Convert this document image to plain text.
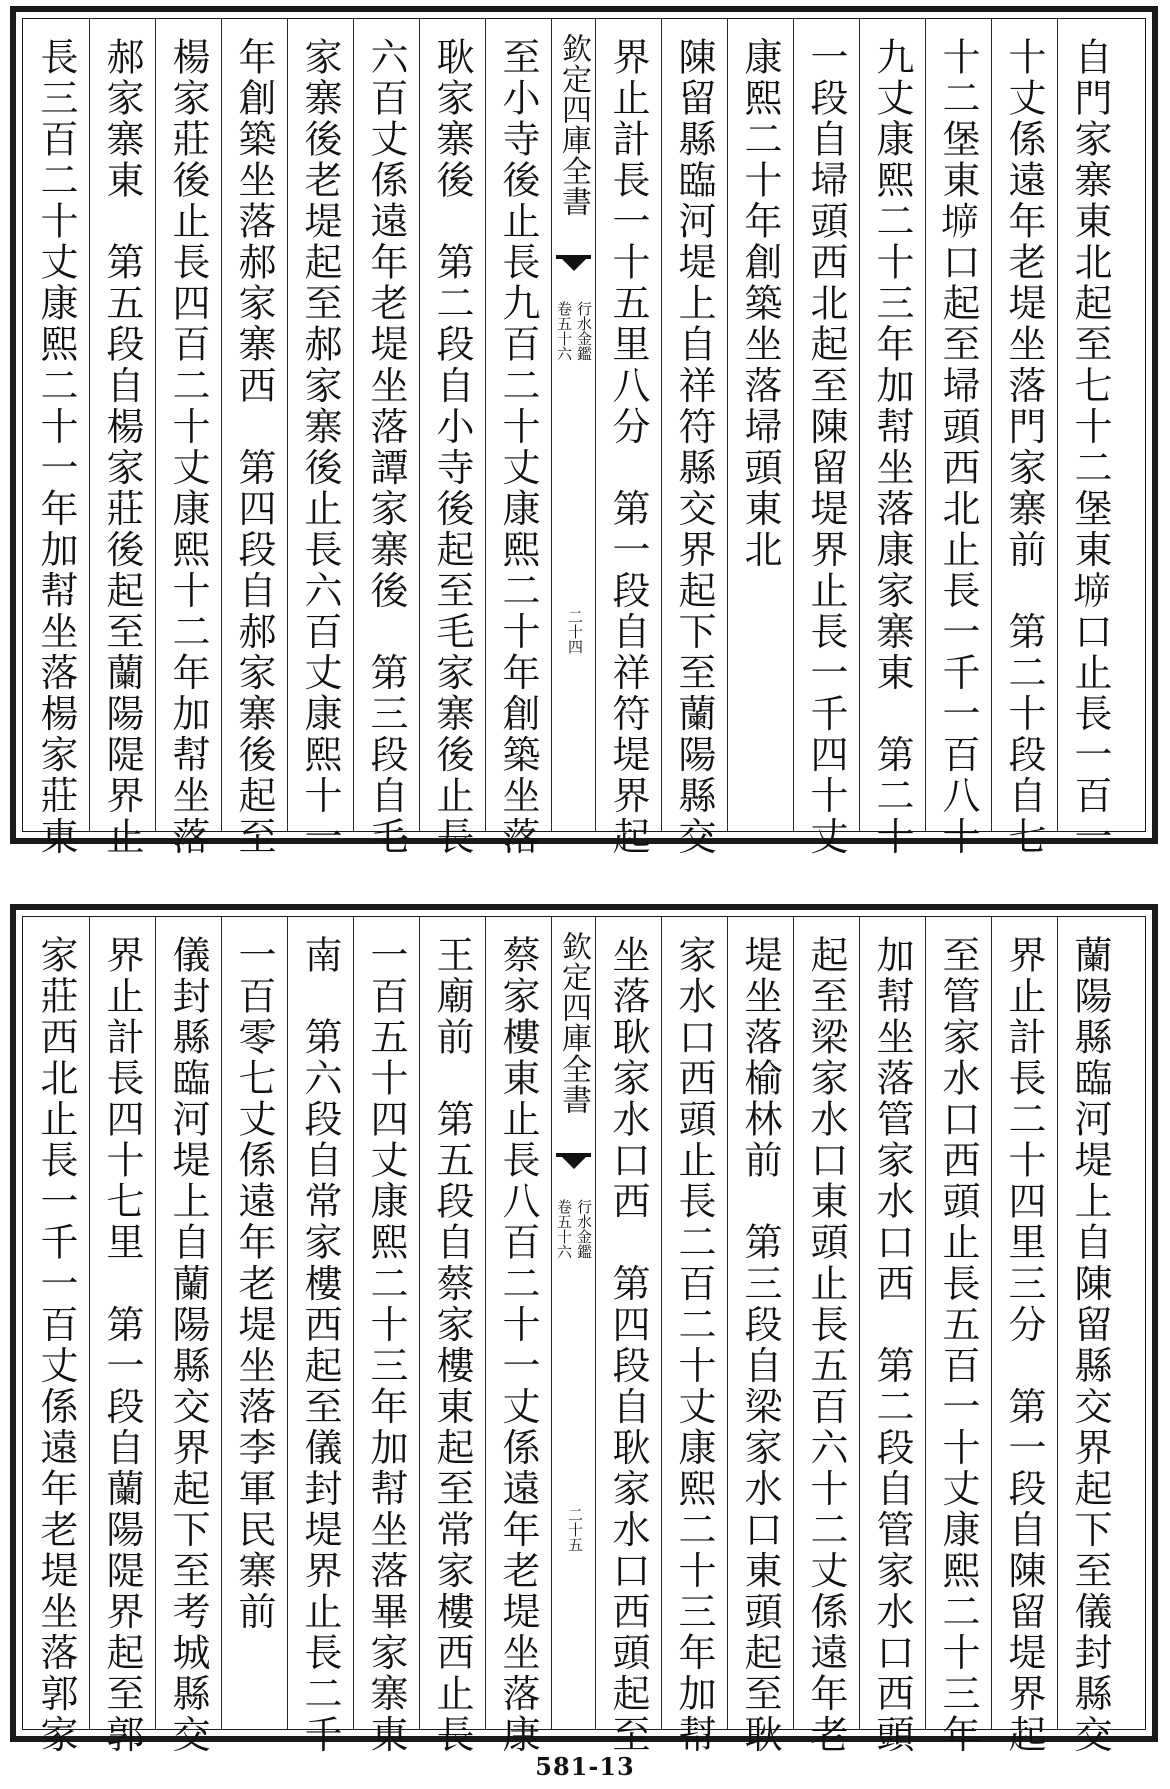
長三百二十丈康熙二十一年加幇坐落楊家莊東 郝家寨東　第五段自楊家莊後起至蘭陽隄界止 楊家莊後止長四百二十丈康熙十二年加幇坐落 年創築坐落郝家寨西　第四段自郝家寨後起至 家寨後老堤起至郝家寨後止長六百丈康熙十一 六百丈係遠年老堤坐落譚家寨後　第三段自毛 耿家寨後　第二段自小寺後起至毛家寨後止長 至小寺後止長九百二十丈康熙二十年創築坐落 欽定四庫全書
行水金鑑
卷五十六
二十四 界止計長一十五里八分　第一段自祥符堤界起 陳留縣臨河堤上自祥符縣交界起下至蘭陽縣交 康熙二十年創築坐落埽頭東北 一段自埽頭西北起至陳留堤界止長一千四十丈 九丈康熙二十三年加幇坐落康家寨東　第二十 十二堡東𡍩口起至埽頭西北止長一千一百八十 十丈係遠年老堤坐落門家寨前　第二十段自七 自門家寨東北起至七十二堡東𡍩口止長一百一
家莊西北止長一千一百丈係遠年老堤坐落郭家 界止計長四十七里　第一段自蘭陽隄界起至郭 儀封縣臨河堤上自蘭陽縣交界起下至考城縣交 一百零七丈係遠年老堤坐落李軍民寨前 南　第六段自常家樓西起至儀封堤界止長二千 一百五十四丈康熙二十三年加幇坐落畢家寨東 王廟前　第五段自蔡家樓東起至常家樓西止長 蔡家樓東止長八百二十一丈係遠年老堤坐落康 欽定四庫全書
行水金鑑
卷五十六
二十五 坐落耿家水口西　第四段自耿家水口西頭起至 家水口西頭止長二百二十丈康熙二十三年加幇 堤坐落榆林前　第三段自梁家水口東頭起至耿 起至梁家水口東頭止長五百六十二丈係遠年老 加幇坐落管家水口西　第二段自管家水口西頭 至管家水口西頭止長五百一十丈康熙二十三年 界止計長二十四里三分　第一段自陳留堤界起 蘭陽縣臨河堤上自陳留縣交界起下至儀封縣交
581-13
